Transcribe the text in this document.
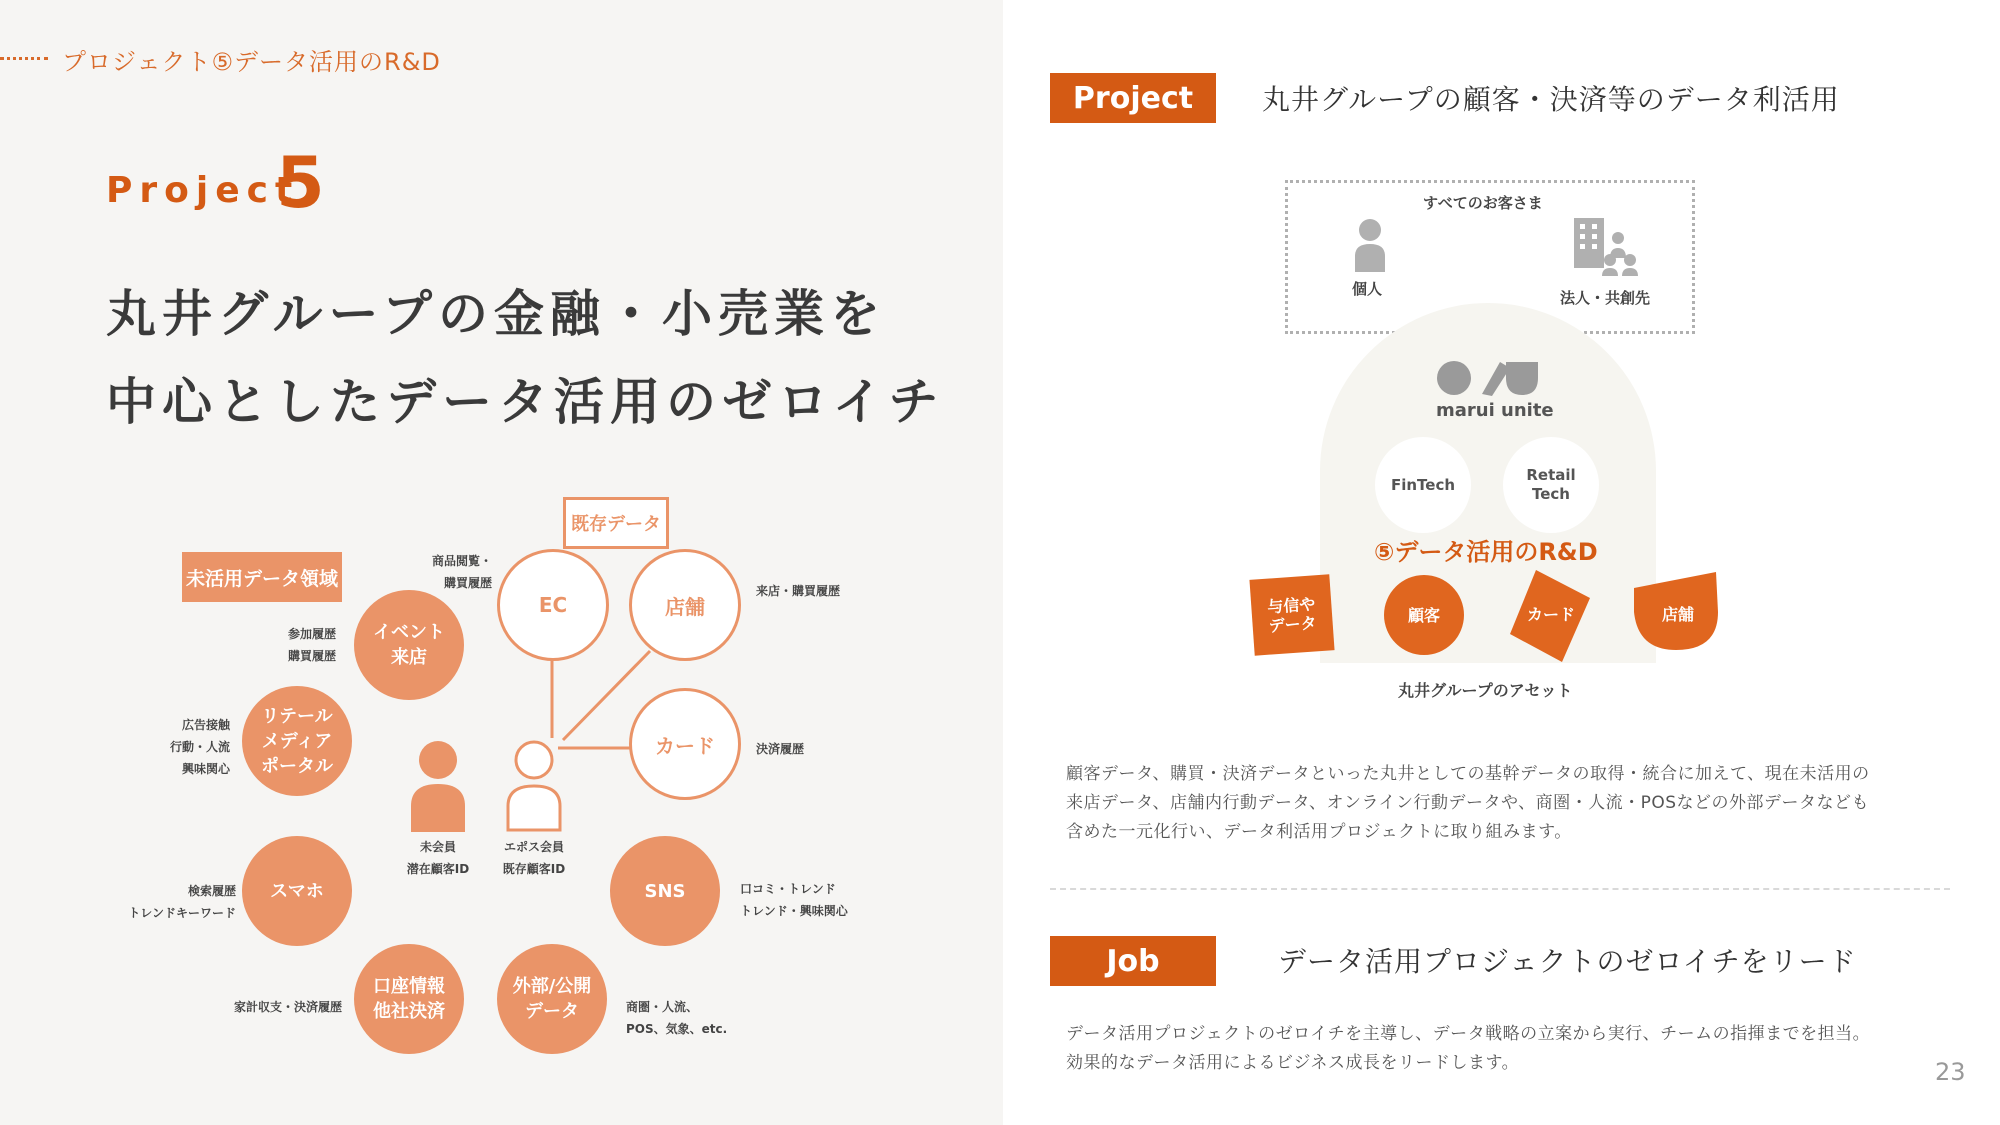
プロジェクト⑤データ活用のR&D
Project
5
丸井グループの金融・小売業を
中心としたデータ活用のゼロイチ
未活用データ領域
既存データ
EC	店舗
カード
イベント
来店
リテール
メディア
ポータル
スマホ
口座情報
他社決済
外部/公開
データ
SNS
商品閲覧・
購買履歴
来店・購買履歴
決済履歴
参加履歴
購買履歴
広告接触
行動・人流
興味関心
検索履歴
トレンドキーワード
家計収支・決済履歴	商圏・人流、
POS、気象、etc.
口コミ・トレンド
トレンド・興味関心
未会員
潜在顧客ID
エポス会員
既存顧客ID
Project	丸井グループの顧客・決済等のデータ利活用
すべてのお客さま
個人	法人・共創先
marui unite
FinTech
Retail
Tech
⑤データ活用のR&D
与信や
データ	顧客	カード	店舗
丸井グループのアセット
顧客データ、購買・決済データといった丸井としての基幹データの取得・統合に加えて、現在未活用の
来店データ、店舗内行動データ、オンライン行動データや、商圏・人流・POSなどの外部データなども
含めた一元化行い、データ利活用プロジェクトに取り組みます。
Job	データ活用プロジェクトのゼロイチをリード
データ活用プロジェクトのゼロイチを主導し、データ戦略の立案から実行、チームの指揮までを担当。
効果的なデータ活用によるビジネス成長をリードします。	23
